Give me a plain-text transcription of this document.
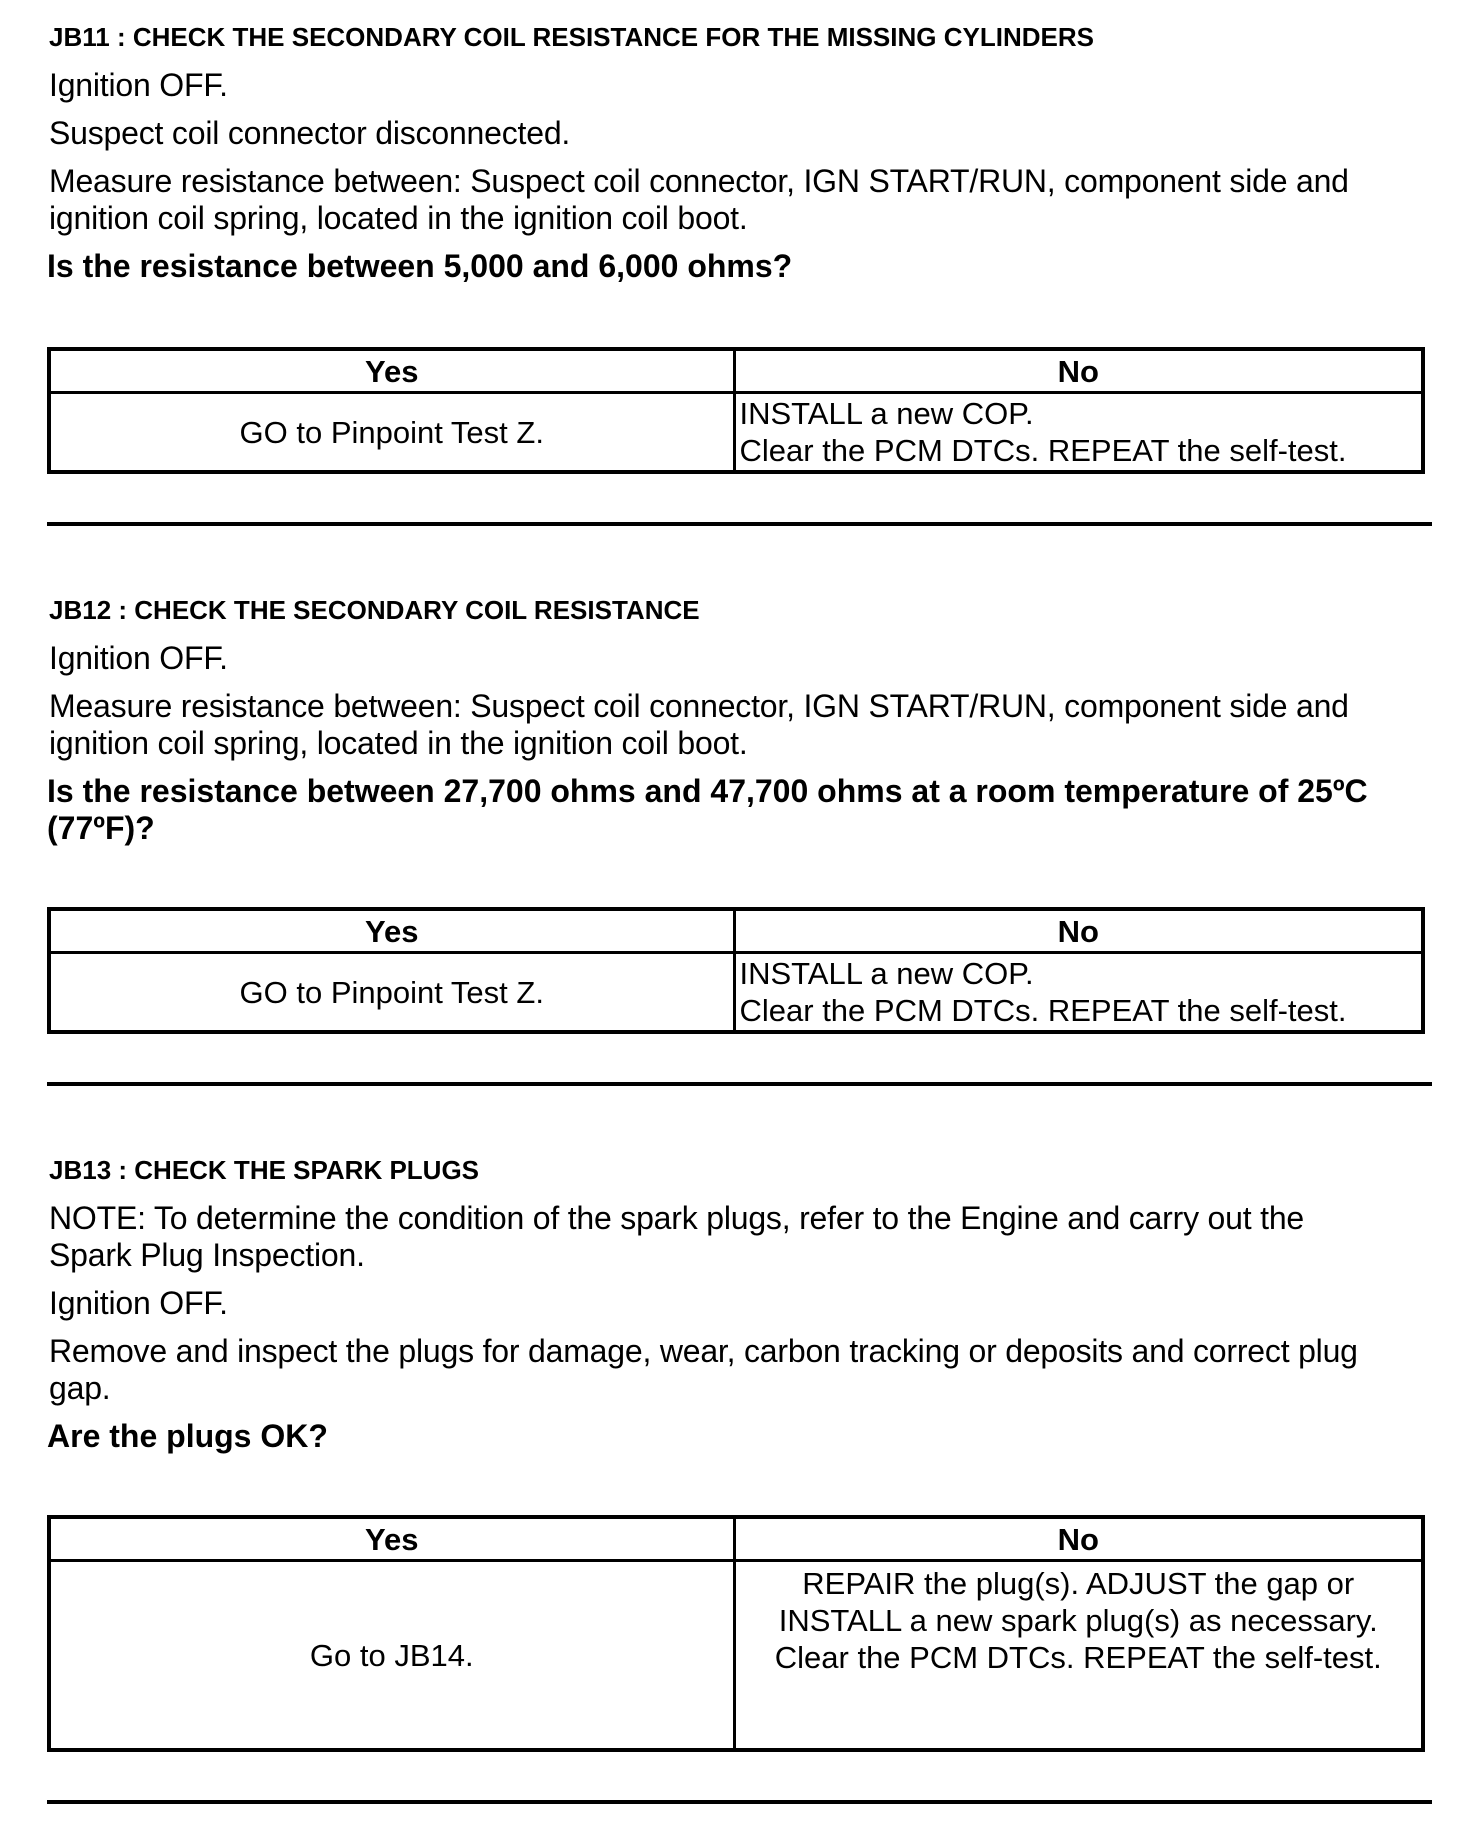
JB11 : CHECK THE SECONDARY COIL RESISTANCE FOR THE MISSING CYLINDERS
Ignition OFF.
Suspect coil connector disconnected.
Measure resistance between: Suspect coil connector, IGN START/RUN, component side and ignition coil spring, located in the ignition coil boot.
Is the resistance between 5,000 and 6,000 ohms?
Yes	No
GO to Pinpoint Test Z.	INSTALL a new COP.
Clear the PCM DTCs. REPEAT the self-test.
JB12 : CHECK THE SECONDARY COIL RESISTANCE
Ignition OFF.
Measure resistance between: Suspect coil connector, IGN START/RUN, component side and ignition coil spring, located in the ignition coil boot.
Is the resistance between 27,700 ohms and 47,700 ohms at a room temperature of 25ºC (77ºF)?
Yes	No
GO to Pinpoint Test Z.	INSTALL a new COP.
Clear the PCM DTCs. REPEAT the self-test.
JB13 : CHECK THE SPARK PLUGS
NOTE: To determine the condition of the spark plugs, refer to the Engine and carry out the Spark Plug Inspection.
Ignition OFF.
Remove and inspect the plugs for damage, wear, carbon tracking or deposits and correct plug gap.
Are the plugs OK?
Yes	No
Go to JB14.	REPAIR the plug(s). ADJUST the gap or
INSTALL a new spark plug(s) as necessary.
Clear the PCM DTCs. REPEAT the self-test.
